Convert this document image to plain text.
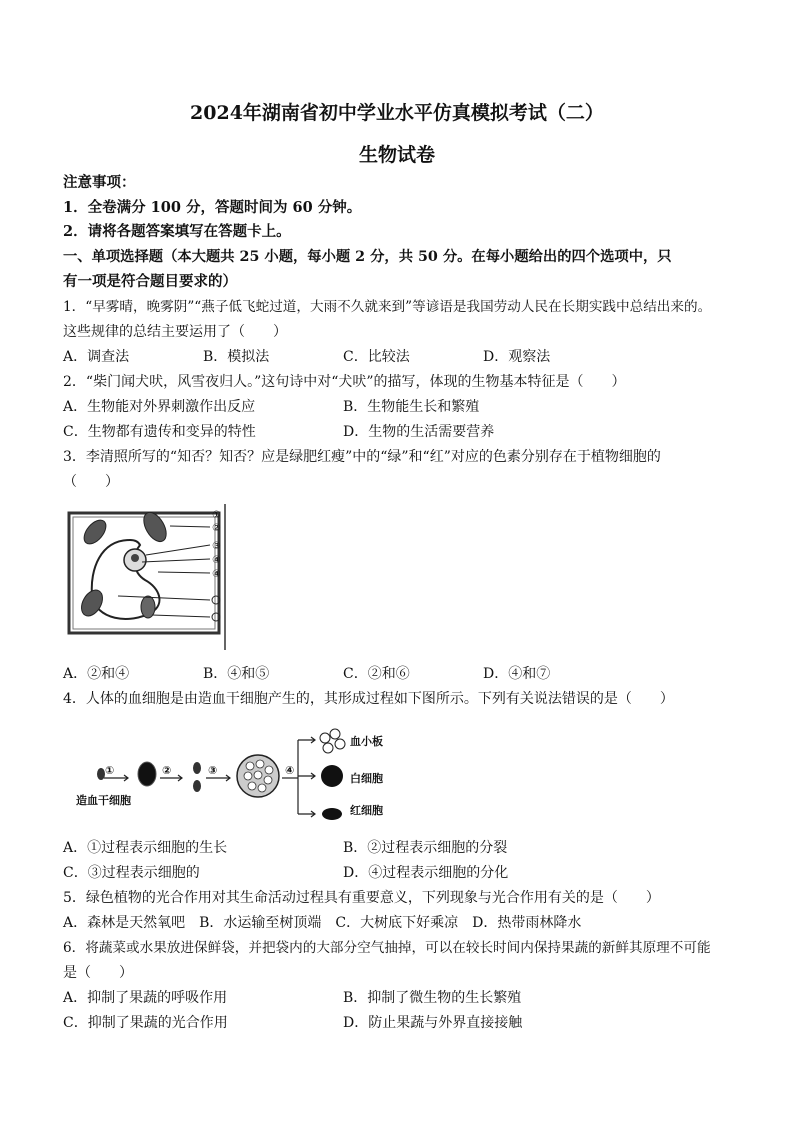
2024年湖南省初中学业水平仿真模拟考试（二）
生物试卷
注意事项：
1．全卷满分 100 分，答题时间为 60 分钟。
2．请将各题答案填写在答题卡上。
一、单项选择题（本大题共 25 小题，每小题 2 分，共 50 分。在每小题给出的四个选项中，只
有一项是符合题目要求的）
1．“早雾晴，晚雾阴”“燕子低飞蛇过道，大雨不久就来到”等谚语是我国劳动人民在长期实践中总结出来的。
这些规律的总结主要运用了（　　）
A．调查法	B．模拟法	C．比较法	D．观察法
2．“柴门闻犬吠，风雪夜归人。”这句诗中对“犬吠”的描写，体现的生物基本特征是（　　）
A．生物能对外界刺激作出反应	B．生物能生长和繁殖
C．生物都有遗传和变异的特性	D．生物的生活需要营养
3．李清照所写的“知否？知否？应是绿肥红瘦”中的“绿”和“红”对应的色素分别存在于植物细胞的
（　　）
①
②
③
④
④
A．②和④	B．④和⑤	C．②和⑥	D．④和⑦
4．人体的血细胞是由造血干细胞产生的，其形成过程如下图所示。下列有关说法错误的是（　　）
①	②	③	④
造血干细胞
血小板
白细胞
红细胞
A．①过程表示细胞的生长	B．②过程表示细胞的分裂
C．③过程表示细胞的	D．④过程表示细胞的分化
5．绿色植物的光合作用对其生命活动过程具有重要意义，下列现象与光合作用有关的是（　　）
A．森林是天然氧吧　B．水运输至树顶端　C．大树底下好乘凉　D．热带雨林降水
6．将蔬菜或水果放进保鲜袋，并把袋内的大部分空气抽掉，可以在较长时间内保持果蔬的新鲜其原理不可能
是（　　）
A．抑制了果蔬的呼吸作用	B．抑制了微生物的生长繁殖
C．抑制了果蔬的光合作用	D．防止果蔬与外界直接接触
